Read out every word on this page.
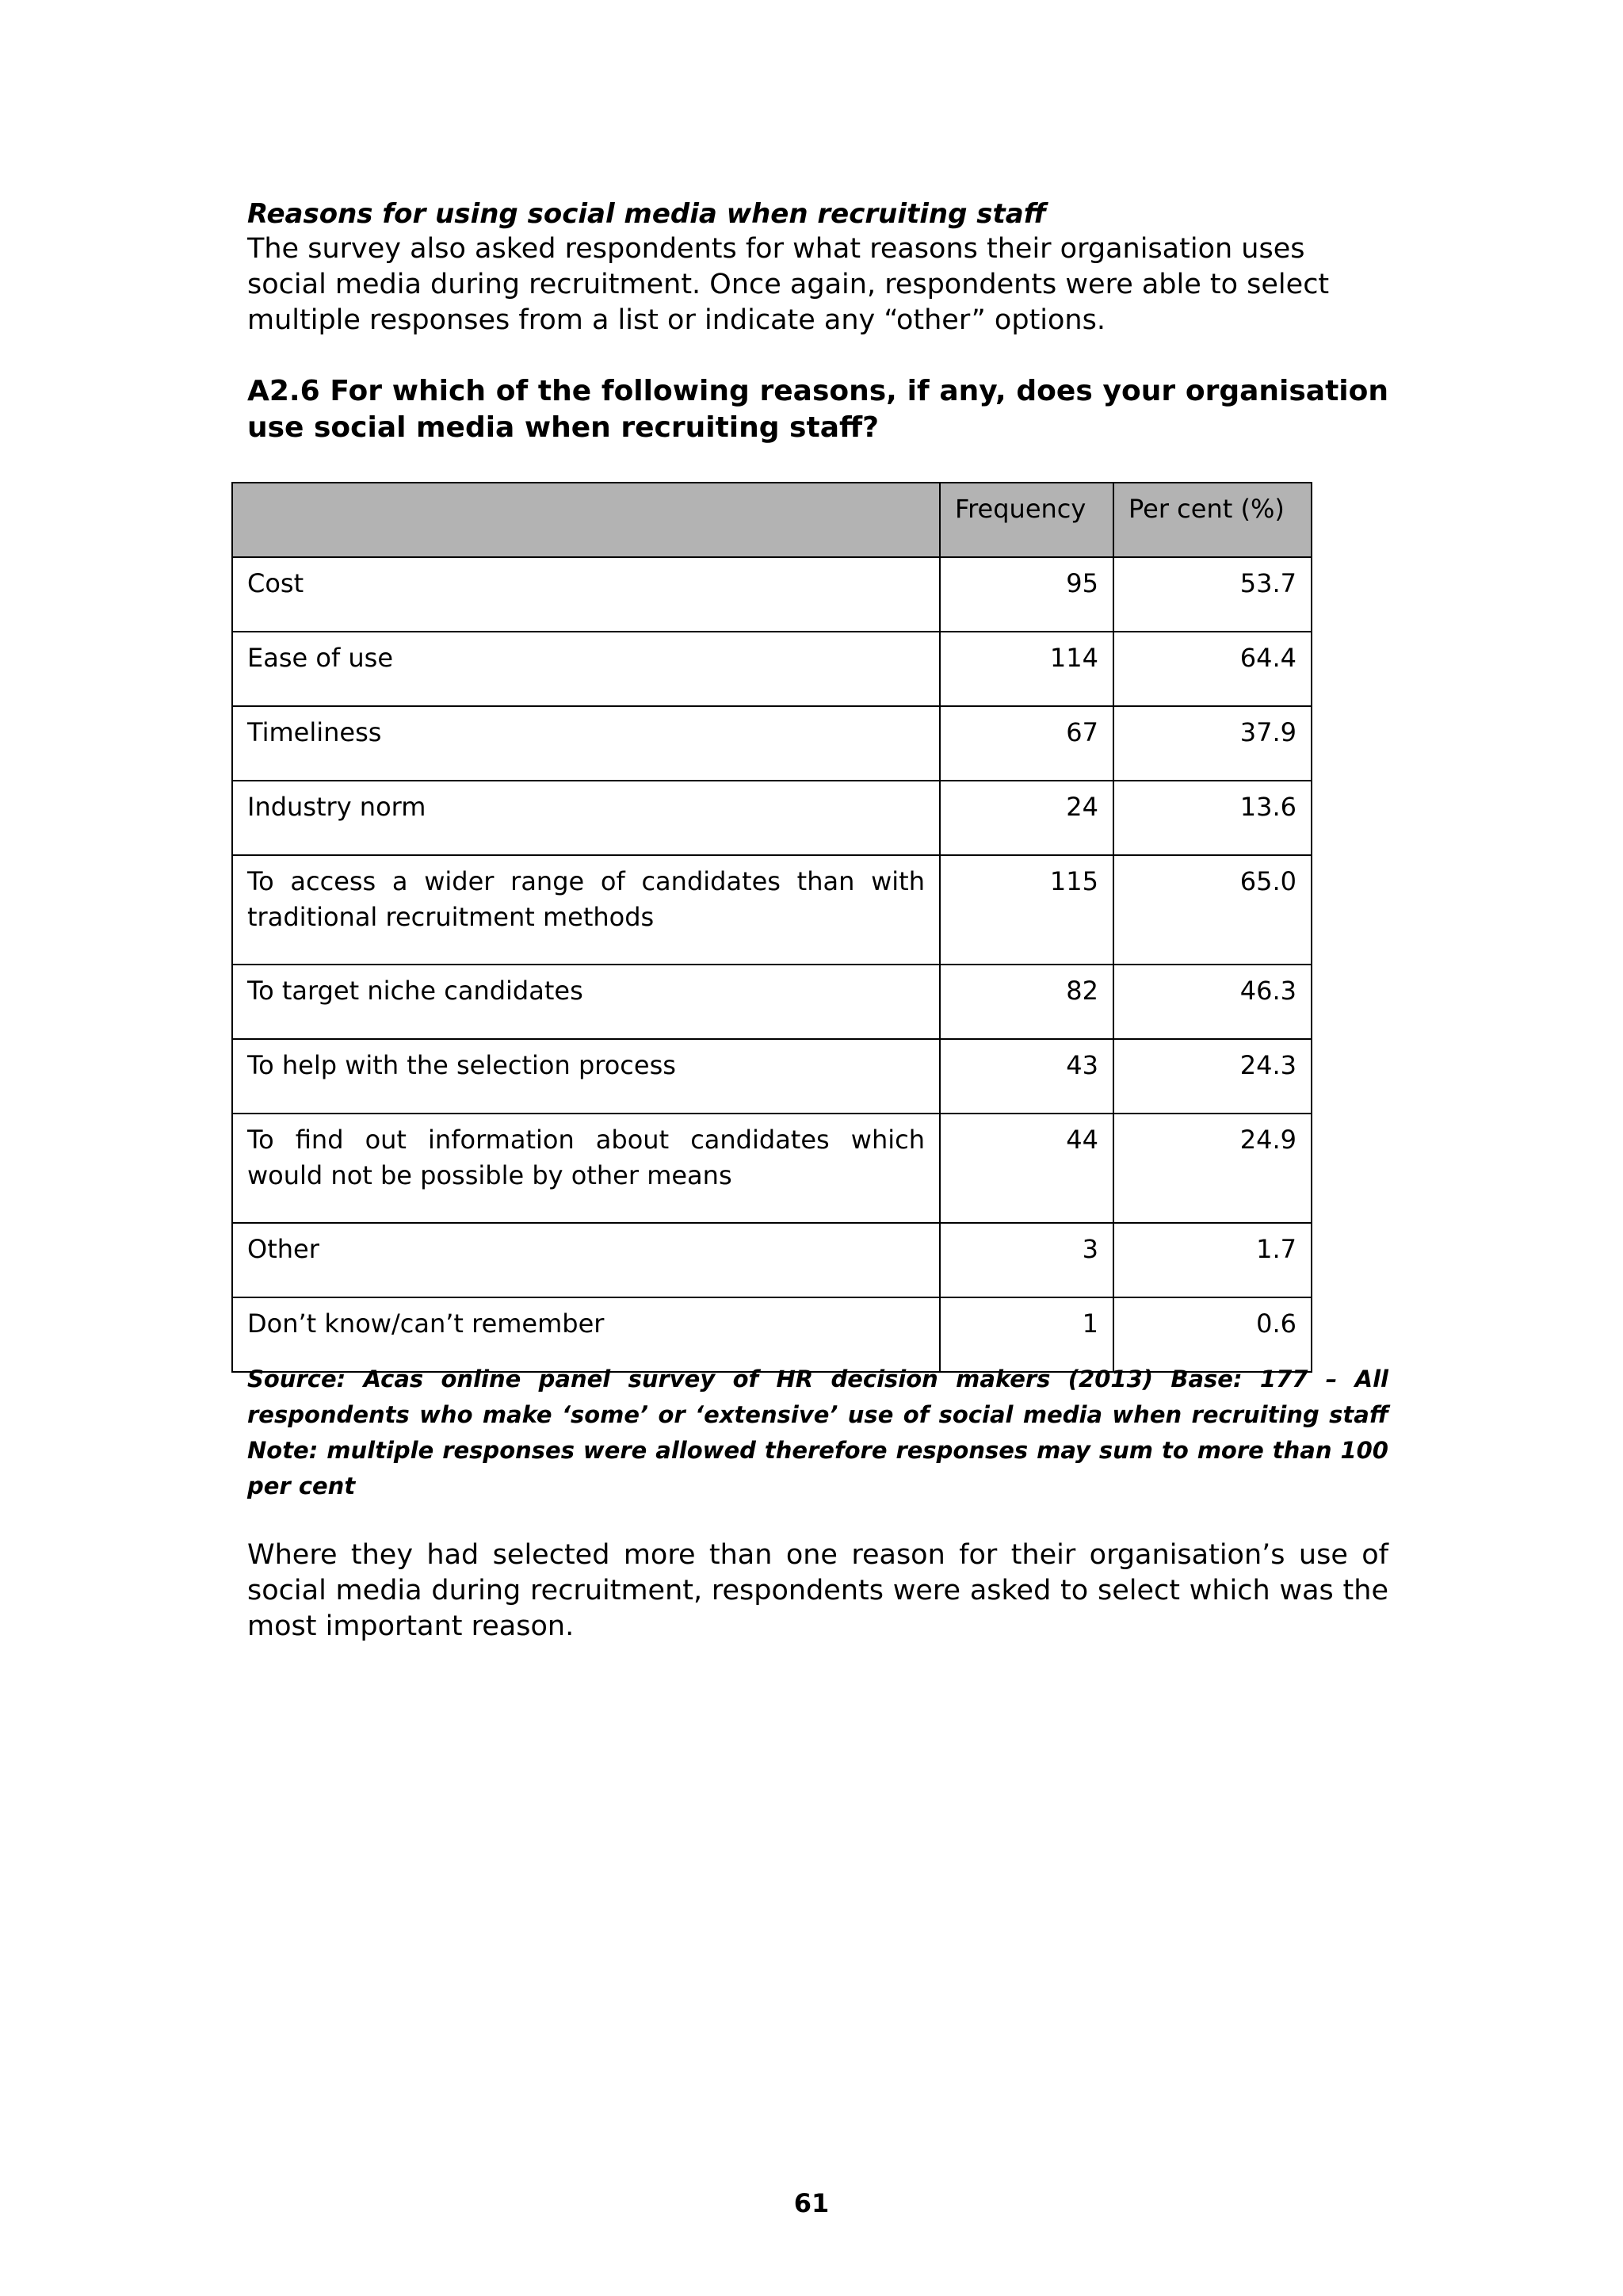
Reasons for using social media when recruiting staff

The survey also asked respondents for what reasons their organisation uses social media during recruitment. Once again, respondents were able to select multiple responses from a list or indicate any “other” options.

A2.6 For which of the following reasons, if any, does your organisation use social media when recruiting staff?

	Frequency	Per cent (%)
Cost	95	53.7
Ease of use	114	64.4
Timeliness	67	37.9
Industry norm	24	13.6
To access a wider range of candidates than with traditional recruitment methods	115	65.0
To target niche candidates	82	46.3
To help with the selection process	43	24.3
To find out information about candidates which would not be possible by other means	44	24.9
Other	3	1.7
Don’t know/can’t remember	1	0.6

Source: Acas online panel survey of HR decision makers (2013) Base: 177 – All respondents who make ‘some’ or ‘extensive’ use of social media when recruiting staff Note: multiple responses were allowed therefore responses may sum to more than 100 per cent

Where they had selected more than one reason for their organisation’s use of social media during recruitment, respondents were asked to select which was the most important reason.

61
